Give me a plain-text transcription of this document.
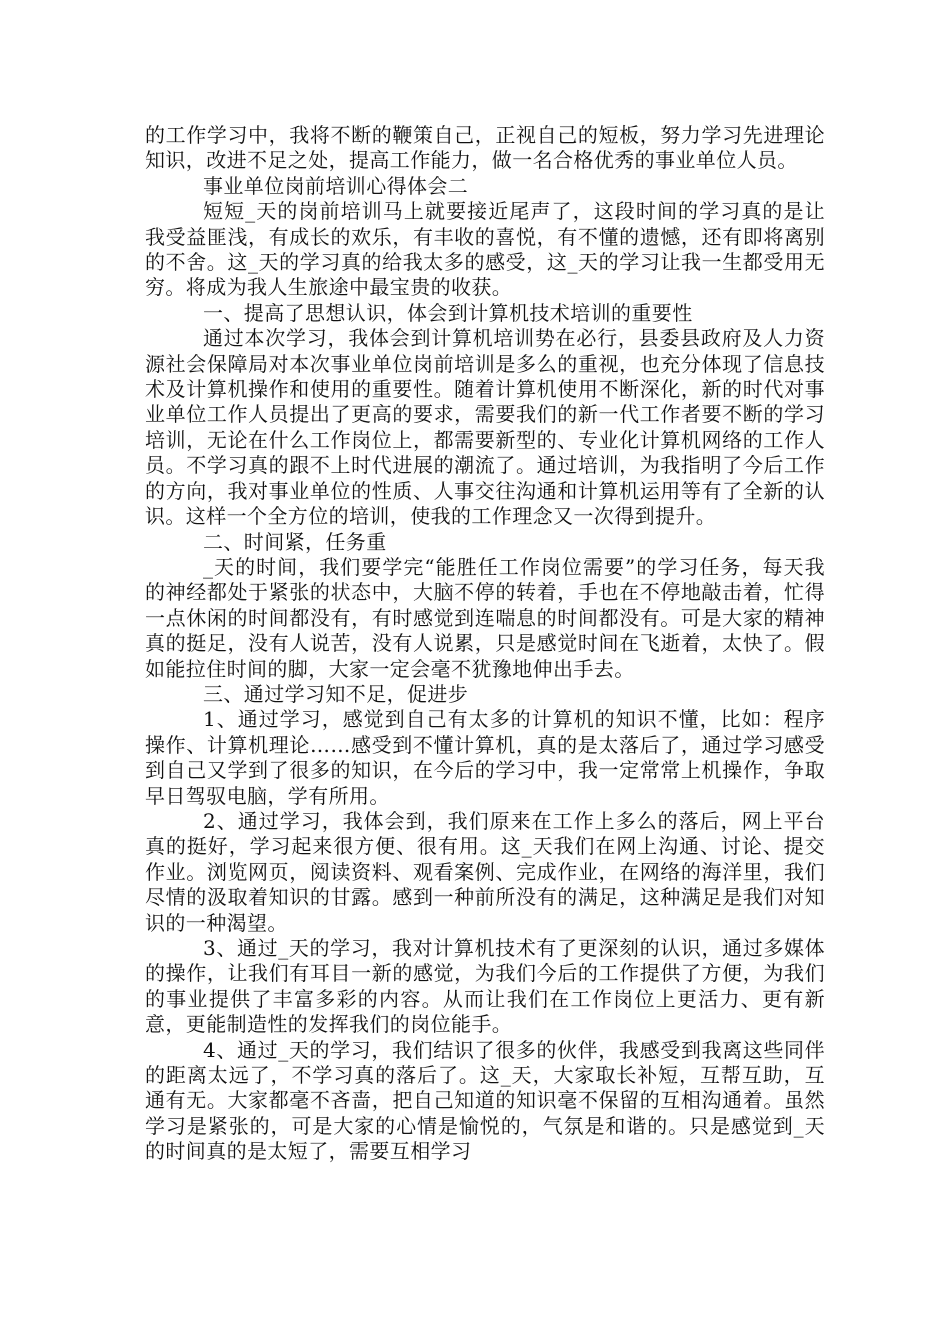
的工作学习中，我将不断的鞭策自己，正视自己的短板，努力学习先进理论知识，改进不足之处，提高工作能力，做一名合格优秀的事业单位人员。

事业单位岗前培训心得体会二

短短_天的岗前培训马上就要接近尾声了，这段时间的学习真的是让我受益匪浅，有成长的欢乐，有丰收的喜悦，有不懂的遗憾，还有即将离别的不舍。这_天的学习真的给我太多的感受，这_天的学习让我一生都受用无穷。将成为我人生旅途中最宝贵的收获。

一、提高了思想认识，体会到计算机技术培训的重要性

通过本次学习，我体会到计算机培训势在必行，县委县政府及人力资源社会保障局对本次事业单位岗前培训是多么的重视，也充分体现了信息技术及计算机操作和使用的重要性。随着计算机使用不断深化，新的时代对事业单位工作人员提出了更高的要求，需要我们的新一代工作者要不断的学习培训，无论在什么工作岗位上，都需要新型的、专业化计算机网络的工作人员。不学习真的跟不上时代进展的潮流了。通过培训，为我指明了今后工作的方向，我对事业单位的性质、人事交往沟通和计算机运用等有了全新的认识。这样一个全方位的培训，使我的工作理念又一次得到提升。

二、时间紧，任务重

_天的时间，我们要学完“能胜任工作岗位需要”的学习任务，每天我的神经都处于紧张的状态中，大脑不停的转着，手也在不停地敲击着，忙得一点休闲的时间都没有，有时感觉到连喘息的时间都没有。可是大家的精神真的挺足，没有人说苦，没有人说累，只是感觉时间在飞逝着，太快了。假如能拉住时间的脚，大家一定会毫不犹豫地伸出手去。

三、通过学习知不足，促进步

1、通过学习，感觉到自己有太多的计算机的知识不懂，比如：程序操作、计算机理论……感受到不懂计算机，真的是太落后了，通过学习感受到自己又学到了很多的知识，在今后的学习中，我一定常常上机操作，争取早日驾驭电脑，学有所用。

2、通过学习，我体会到，我们原来在工作上多么的落后，网上平台真的挺好，学习起来很方便、很有用。这_天我们在网上沟通、讨论、提交作业。浏览网页，阅读资料、观看案例、完成作业，在网络的海洋里，我们尽情的汲取着知识的甘露。感到一种前所没有的满足，这种满足是我们对知识的一种渴望。

3、通过_天的学习，我对计算机技术有了更深刻的认识，通过多媒体的操作，让我们有耳目一新的感觉，为我们今后的工作提供了方便，为我们的事业提供了丰富多彩的内容。从而让我们在工作岗位上更活力、更有新意，更能制造性的发挥我们的岗位能手。

4、通过_天的学习，我们结识了很多的伙伴，我感受到我离这些同伴的距离太远了，不学习真的落后了。这_天，大家取长补短，互帮互助，互通有无。大家都毫不吝啬，把自己知道的知识毫不保留的互相沟通着。虽然学习是紧张的，可是大家的心情是愉悦的，气氛是和谐的。只是感觉到_天的时间真的是太短了，需要互相学习
